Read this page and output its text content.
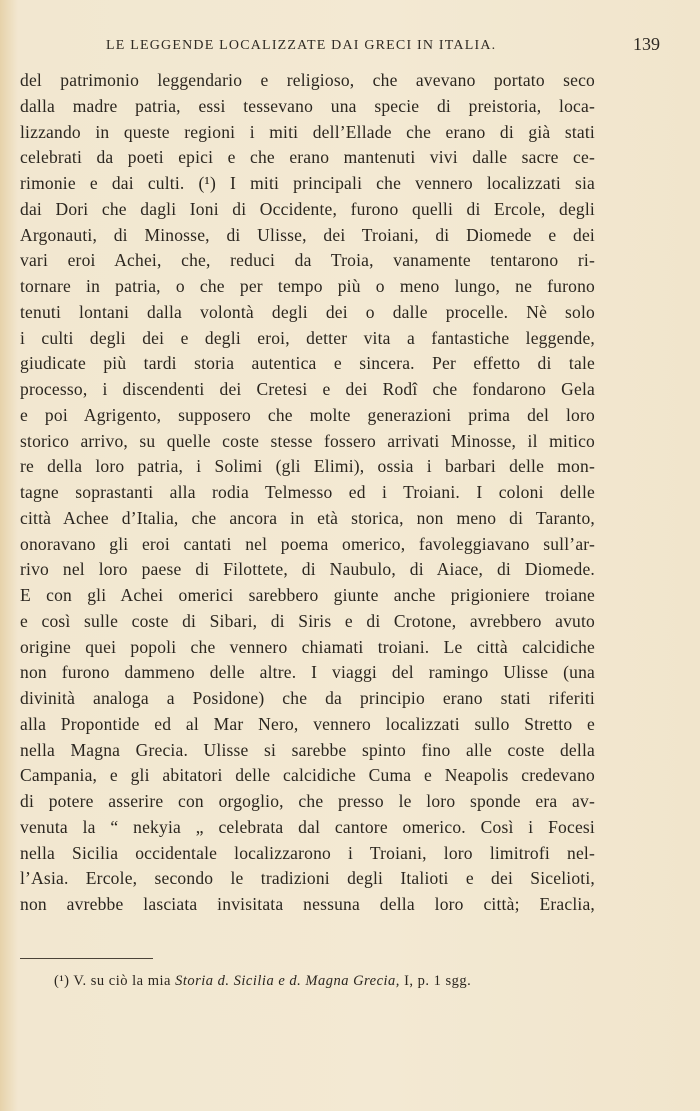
LE LEGGENDE LOCALIZZATE DAI GRECI IN ITALIA.	139
del patrimonio leggendario e religioso, che avevano portato seco
dalla madre patria, essi tessevano una specie di preistoria, loca-
lizzando in queste regioni i miti dell’Ellade che erano di già stati
celebrati da poeti epici e che erano mantenuti vivi dalle sacre ce-
rimonie e dai culti. (¹) I miti principali che vennero localizzati sia
dai Dori che dagli Ioni di Occidente, furono quelli di Ercole, degli
Argonauti, di Minosse, di Ulisse, dei Troiani, di Diomede e dei
vari eroi Achei, che, reduci da Troia, vanamente tentarono ri-
tornare in patria, o che per tempo più o meno lungo, ne furono
tenuti lontani dalla volontà degli dei o dalle procelle. Nè solo
i culti degli dei e degli eroi, detter vita a fantastiche leggende,
giudicate più tardi storia autentica e sincera. Per effetto di tale
processo, i discendenti dei Cretesi e dei Rodî che fondarono Gela
e poi Agrigento, supposero che molte generazioni prima del loro
storico arrivo, su quelle coste stesse fossero arrivati Minosse, il mitico
re della loro patria, i Solimi (gli Elimi), ossia i barbari delle mon-
tagne soprastanti alla rodia Telmesso ed i Troiani. I coloni delle
città Achee d’Italia, che ancora in età storica, non meno di Taranto,
onoravano gli eroi cantati nel poema omerico, favoleggiavano sull’ar-
rivo nel loro paese di Filottete, di Naubulo, di Aiace, di Diomede.
E con gli Achei omerici sarebbero giunte anche prigioniere troiane
e così sulle coste di Sibari, di Siris e di Crotone, avrebbero avuto
origine quei popoli che vennero chiamati troiani. Le città calcidiche
non furono dammeno delle altre. I viaggi del ramingo Ulisse (una
divinità analoga a Posidone) che da principio erano stati riferiti
alla Propontide ed al Mar Nero, vennero localizzati sullo Stretto e
nella Magna Grecia. Ulisse si sarebbe spinto fino alle coste della
Campania, e gli abitatori delle calcidiche Cuma e Neapolis credevano
di potere asserire con orgoglio, che presso le loro sponde era av-
venuta la “ nekyia „ celebrata dal cantore omerico. Così i Focesi
nella Sicilia occidentale localizzarono i Troiani, loro limitrofi nel-
l’Asia. Ercole, secondo le tradizioni degli Italioti e dei Sicelioti,
non avrebbe lasciata invisitata nessuna della loro città; Eraclia,
(¹) V. su ciò la mia Storia d. Sicilia e d. Magna Grecia, I, p. 1 sgg.
